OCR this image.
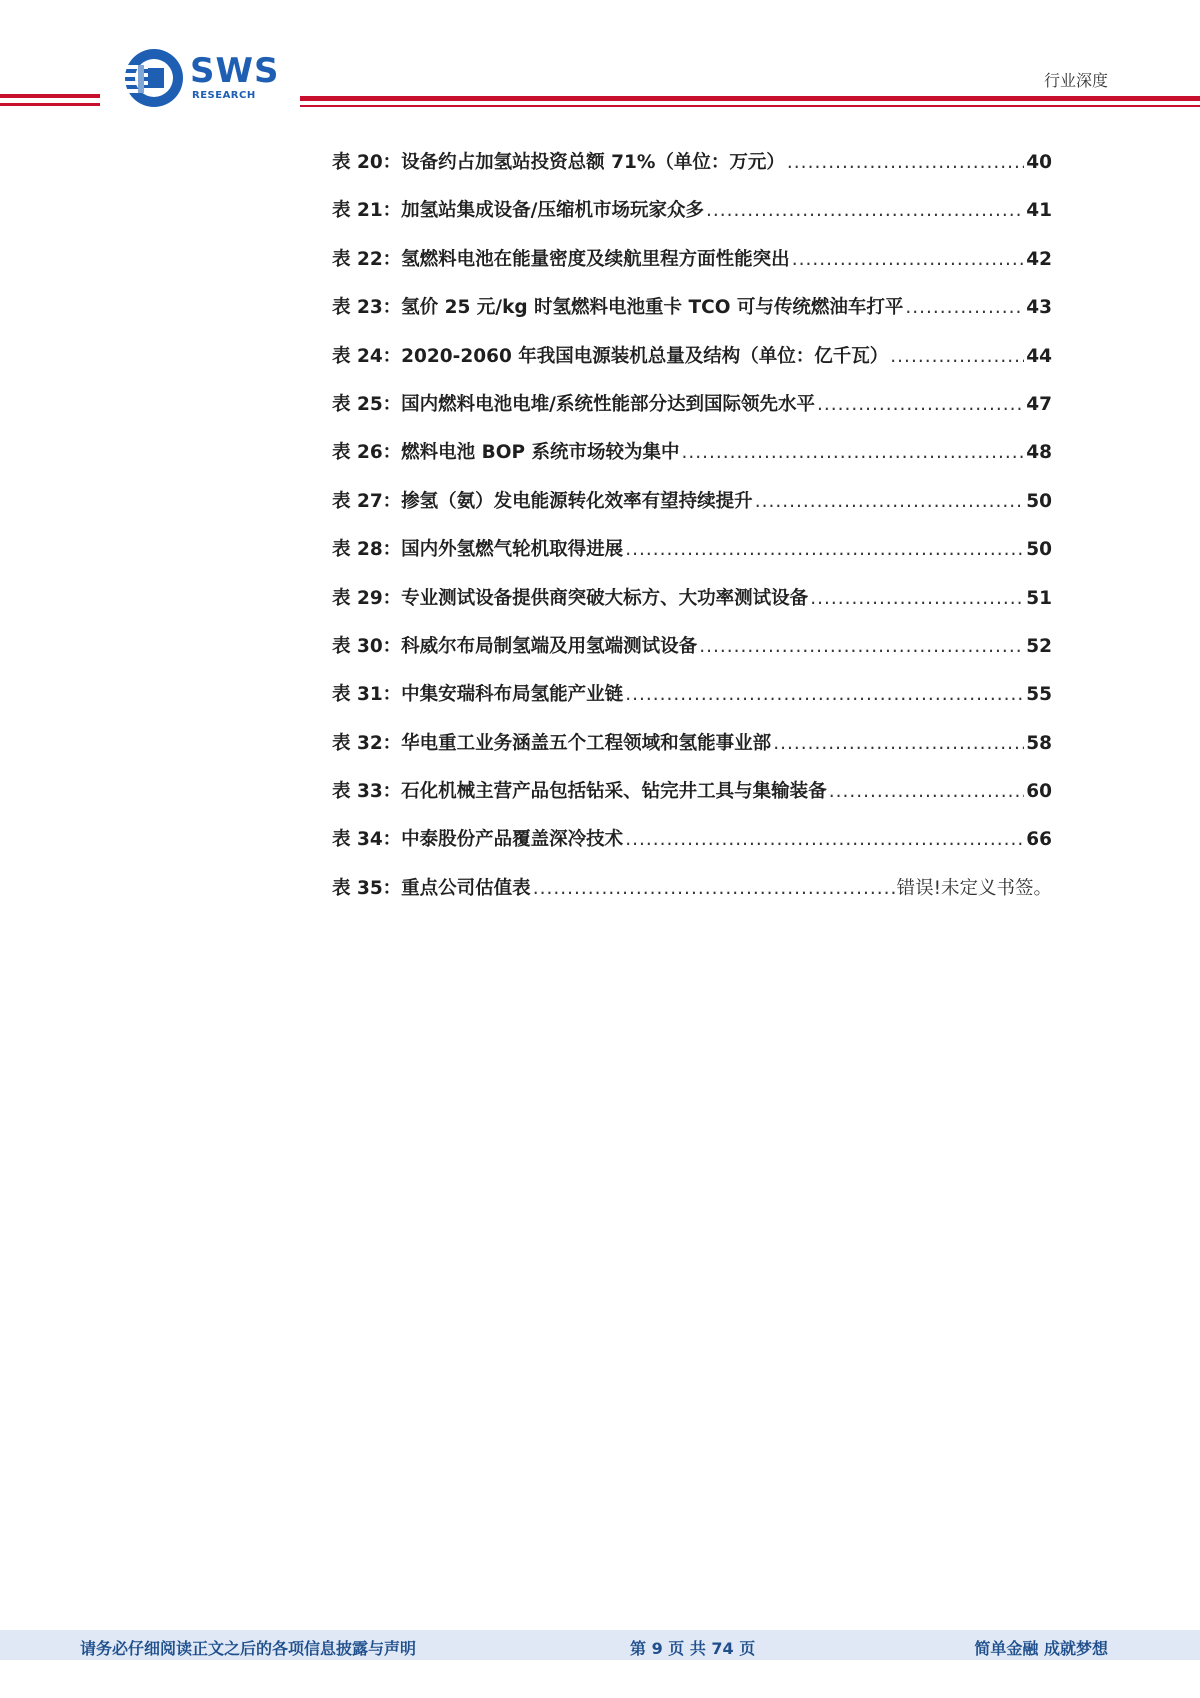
SWS
RESEARCH
行业深度
表 20：设备约占加氢站投资总额 71%（单位：万元） .....	40
表 21：加氢站集成设备/压缩机市场玩家众多 .....	41
表 22：氢燃料电池在能量密度及续航里程方面性能突出 .....	42
表 23：氢价 25 元/kg 时氢燃料电池重卡 TCO 可与传统燃油车打平 .....	43
表 24：2020-2060 年我国电源装机总量及结构（单位：亿千瓦） .....	44
表 25：国内燃料电池电堆/系统性能部分达到国际领先水平 .....	47
表 26：燃料电池 BOP 系统市场较为集中 .....	48
表 27：掺氢（氨）发电能源转化效率有望持续提升 .....	50
表 28：国内外氢燃气轮机取得进展 .....	50
表 29：专业测试设备提供商突破大标方、大功率测试设备 .....	51
表 30：科威尔布局制氢端及用氢端测试设备 .....	52
表 31：中集安瑞科布局氢能产业链 .....	55
表 32：华电重工业务涵盖五个工程领域和氢能事业部 .....	58
表 33：石化机械主营产品包括钻采、钻完井工具与集输装备 .....	60
表 34：中泰股份产品覆盖深冷技术 .....	66
表 35：重点公司估值表 .....	错误!未定义书签。
请务必仔细阅读正文之后的各项信息披露与声明	第 9 页 共 74 页	简单金融 成就梦想
